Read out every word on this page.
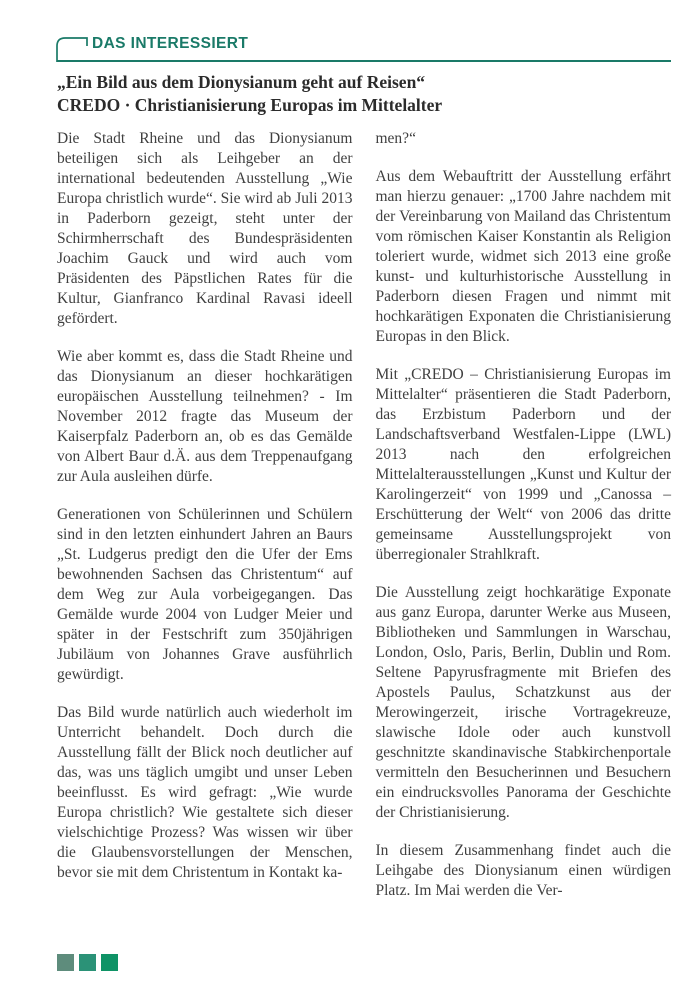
DAS INTERESSIERT
„Ein Bild aus dem Dionysianum geht auf Reisen“
CREDO · Christianisierung Europas im Mittelalter

Die Stadt Rheine und das Dionysianum beteiligen sich als Leihgeber an der international bedeutenden Ausstellung „Wie Europa christlich wurde“. Sie wird ab Juli 2013 in Paderborn gezeigt, steht unter der Schirmherrschaft des Bundespräsidenten Joachim Gauck und wird auch vom Präsidenten des Päpstlichen Rates für die Kultur, Gianfranco Kardinal Ravasi ideell gefördert.

Wie aber kommt es, dass die Stadt Rheine und das Dionysianum an dieser hochkarätigen europäischen Ausstellung teilnehmen? - Im November 2012 fragte das Museum der Kaiserpfalz Paderborn an, ob es das Gemälde von Albert Baur d.Ä. aus dem Treppenaufgang zur Aula ausleihen dürfe.

Generationen von Schülerinnen und Schülern sind in den letzten einhundert Jahren an Baurs „St. Ludgerus predigt den die Ufer der Ems bewohnenden Sachsen das Christentum“ auf dem Weg zur Aula vorbeigegangen. Das Gemälde wurde 2004 von Ludger Meier und später in der Festschrift zum 350jährigen Jubiläum von Johannes Grave ausführlich gewürdigt.

Das Bild wurde natürlich auch wiederholt im Unterricht behandelt. Doch durch die Ausstellung fällt der Blick noch deutlicher auf das, was uns täglich umgibt und unser Leben beeinflusst. Es wird gefragt: „Wie wurde Europa christlich? Wie gestaltete sich dieser vielschichtige Prozess? Was wissen wir über die Glaubensvorstellungen der Menschen, bevor sie mit dem Christentum in Kontakt ka-

men?“

Aus dem Webauftritt der Ausstellung erfährt man hierzu genauer: „1700 Jahre nachdem mit der Vereinbarung von Mailand das Christentum vom römischen Kaiser Konstantin als Religion toleriert wurde, widmet sich 2013 eine große kunst- und kulturhistorische Ausstellung in Paderborn diesen Fragen und nimmt mit hochkarätigen Exponaten die Christianisierung Europas in den Blick.

Mit „CREDO – Christianisierung Europas im Mittelalter“ präsentieren die Stadt Paderborn, das Erzbistum Paderborn und der Landschaftsverband Westfalen-Lippe (LWL) 2013 nach den erfolgreichen Mittelalterausstellungen „Kunst und Kultur der Karolingerzeit“ von 1999 und „Canossa – Erschütterung der Welt“ von 2006 das dritte gemeinsame Ausstellungsprojekt von überregionaler Strahlkraft.

Die Ausstellung zeigt hochkarätige Exponate aus ganz Europa, darunter Werke aus Museen, Bibliotheken und Sammlungen in Warschau, London, Oslo, Paris, Berlin, Dublin und Rom. Seltene Papyrusfragmente mit Briefen des Apostels Paulus, Schatzkunst aus der Merowingerzeit, irische Vortragekreuze, slawische Idole oder auch kunstvoll geschnitzte skandinavische Stabkirchenportale vermitteln den Besucherinnen und Besuchern ein eindrucksvolles Panorama der Geschichte der Christianisierung.

In diesem Zusammenhang findet auch die Leihgabe des Dionysianum einen würdigen Platz. Im Mai werden die Ver-
